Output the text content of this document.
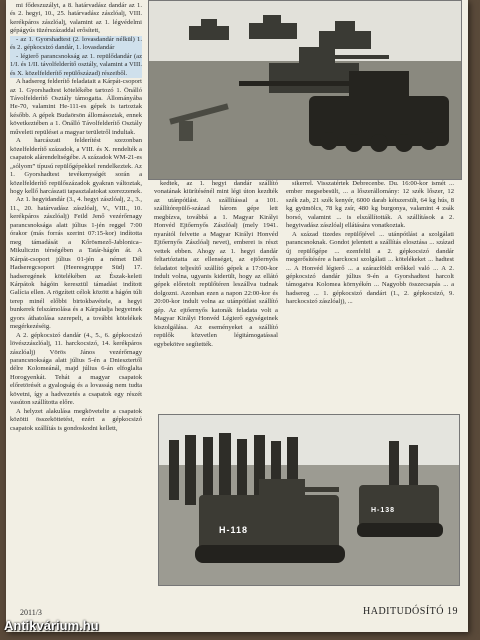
mi fődeszuzályt, a 8. határvadász dandár az 1. és 2. hegyi, 10., 25. határvadász zászlóalj, VIII. kerékpáros zászlóalj, valamint az 1. légvédelmi gépágyús tüzérszázaddal erősített,

- az 1. Gyorshadtest (2. lovasdandár nélkül) 1. és 2. gépkocsizó dandár, 1. lovasdandár

- légierő parancsnokság az 1. repülődandár (az 1/I. és 1/II. távolfelderítő osztály, valamint a VIII. és X. közelfelderítő repülőszázad) részeiből.

A hadsereg felderítő feladatait a Kárpát-csoport az 1. Gyorshadtest kötelékébe tartozó 1. Önálló Távolfelderítő Osztály támogatta. Állományába He-70, valamint He-111-es gépek is tartoztak később. A gépek Budaörsön állomásoztak, ennek következtében a 1. Önálló Távolfelderítő Osztály műveleti repülései a magyar területről indultak.

A harcászati felderítést szezonban közelfelderítő századok, a VIII. és X. rendelték a csapatok alárendeltségébe. A századok WM-21-es „sólyom” típusú repülőgépekkel rendelkeztek. Az 1. Gyorshadtest tevékenységét során a közelfelderítő repülőszázadok gyakran változtak, hogy kellő harcászati tapasztalatokat szerezzenek.

Az 1. hegyidandár (3., 4. hegyi zászlóalj, 2., 3., 11., 20. határvadász zászlóalj, V., VIII., 10. kerékpáros zászlóalj) Feild Jenő vezérőrnagy parancsnoksága alatt július 1-jén reggel 7:00 órakor (más forrás szerint 07:15-kor) indította meg támadását a Kőrösmező-Jablonica–Mikuliczin térségében a Tatár-hágón át. A Kárpát-csoport július 01-jén a német Dél Hadseregcsoport (Heeresgruppe Süd) 17. hadseregének kötelékében az Észak-keleti Kárpátok hágóin keresztül támadást indított Galícia ellen. A rögzített célok között a hágón túli terep minél előbbi birtokbavétele, a hegyi bunkerek felszámolása és a Kárpátalja hegyeinek gyors áthatolása szerepelt, a további kötelékek megérkezéséig.

A 2. gépkocsizó dandár (4., 5., 6. gépkocsizó lövészzászlóalj, 11. harckocsizó, 14. kerékpáros zászlóalj) Vörös János vezérőrnagy parancsnoksága alatt július 5-én a Dniesztertől délre Kolomeánál, majd július 6-án elfoglalta Horogyenkát. Tehát a magyar csapatok előretörését a gyalogság és a lovasság nem tudta követni, így a hadvezetés a csapatok egy részét vasúton szállította előre.

A helyzet alakulása megkövetelte a csapatok közötti összeköttetést, ezért a gépkocsizó csapatok szállítás is gondoskodni kellett,

kedtek, az 1. hegyi dandár szállító vonatának kiürítésénél mint légi úton kezdték az utánpótlást. A szállítással a 101. szállítórepülő-század három gépe lett megbízva, továbbá a 1. Magyar Királyi Honvéd Ejtőernyős Zászlóalj (mely 1941. nyarától felvette a Magyar Királyi Honvéd Ejtőernyős Zászlóalj nevet), emberei is részt vettek ebben. Ahogy az 1. hegyi dandár feltartóztatta az ellenséget, az ejtőernyős feladatot teljesítő szállító gépek a 17:00-kor indult volna, ugyanis kiderült, hogy az ellátó gépek előretolt repülőtéren leszállva tudnak dolgozni. Azonban ezen a napon 22:00-kor és 20:00-kor indult volna az utánpótlást szállító gép. Az ejtőernyős katonák feladata volt a Magyar Királyi Honvéd Légierő egységeinek kiszolgálása. Az eseményeket a szállító repülők közvetlen légitámogatással egybekötve segítették.

sikerrel. Visszatértek Debrecenbe. Du. 16:00-kor ismét ... ember megsebesült, ... a lőszerállomány: 12 szék lőszer, 12 szék zab, 21 szék kenyér, 6000 darab kétszersült, 64 kg hús, 8 kg gyümölcs, 78 kg zsír, 480 kg burgonya, valamint 4 zsák borsó, valamint ... is elszállították. A szállítások a 2. hegyivadász zászlóalj ellátására vonatkoztak.

A század tizedes repülőjével ... utánpótlást a szolgálati parancsnoknak. Gondot jelentett a szállítás elosztása ... század új repülőgépe ... ezenfelül a 2. gépkocsizó dandár megerősítésére a harckocsi szolgálati ... kötelékeket ... hadtest ... A Honvéd légierő ... a szárazföldi erőkkel való ... A 2. gépkocsizó dandár július 9-én a Gyorshadtest harcolt támogatva Kolomea környékén ... Nagyobb összecsapás ... a hadsereg ... 1. gépkocsizó dandárt (1., 2. gépkocsizó, 9. harckocsizó zászlóalj), ...

H-118
H-138
2011/3	HADITUDÓSÍTÓ 19
Antikvárium.hu
